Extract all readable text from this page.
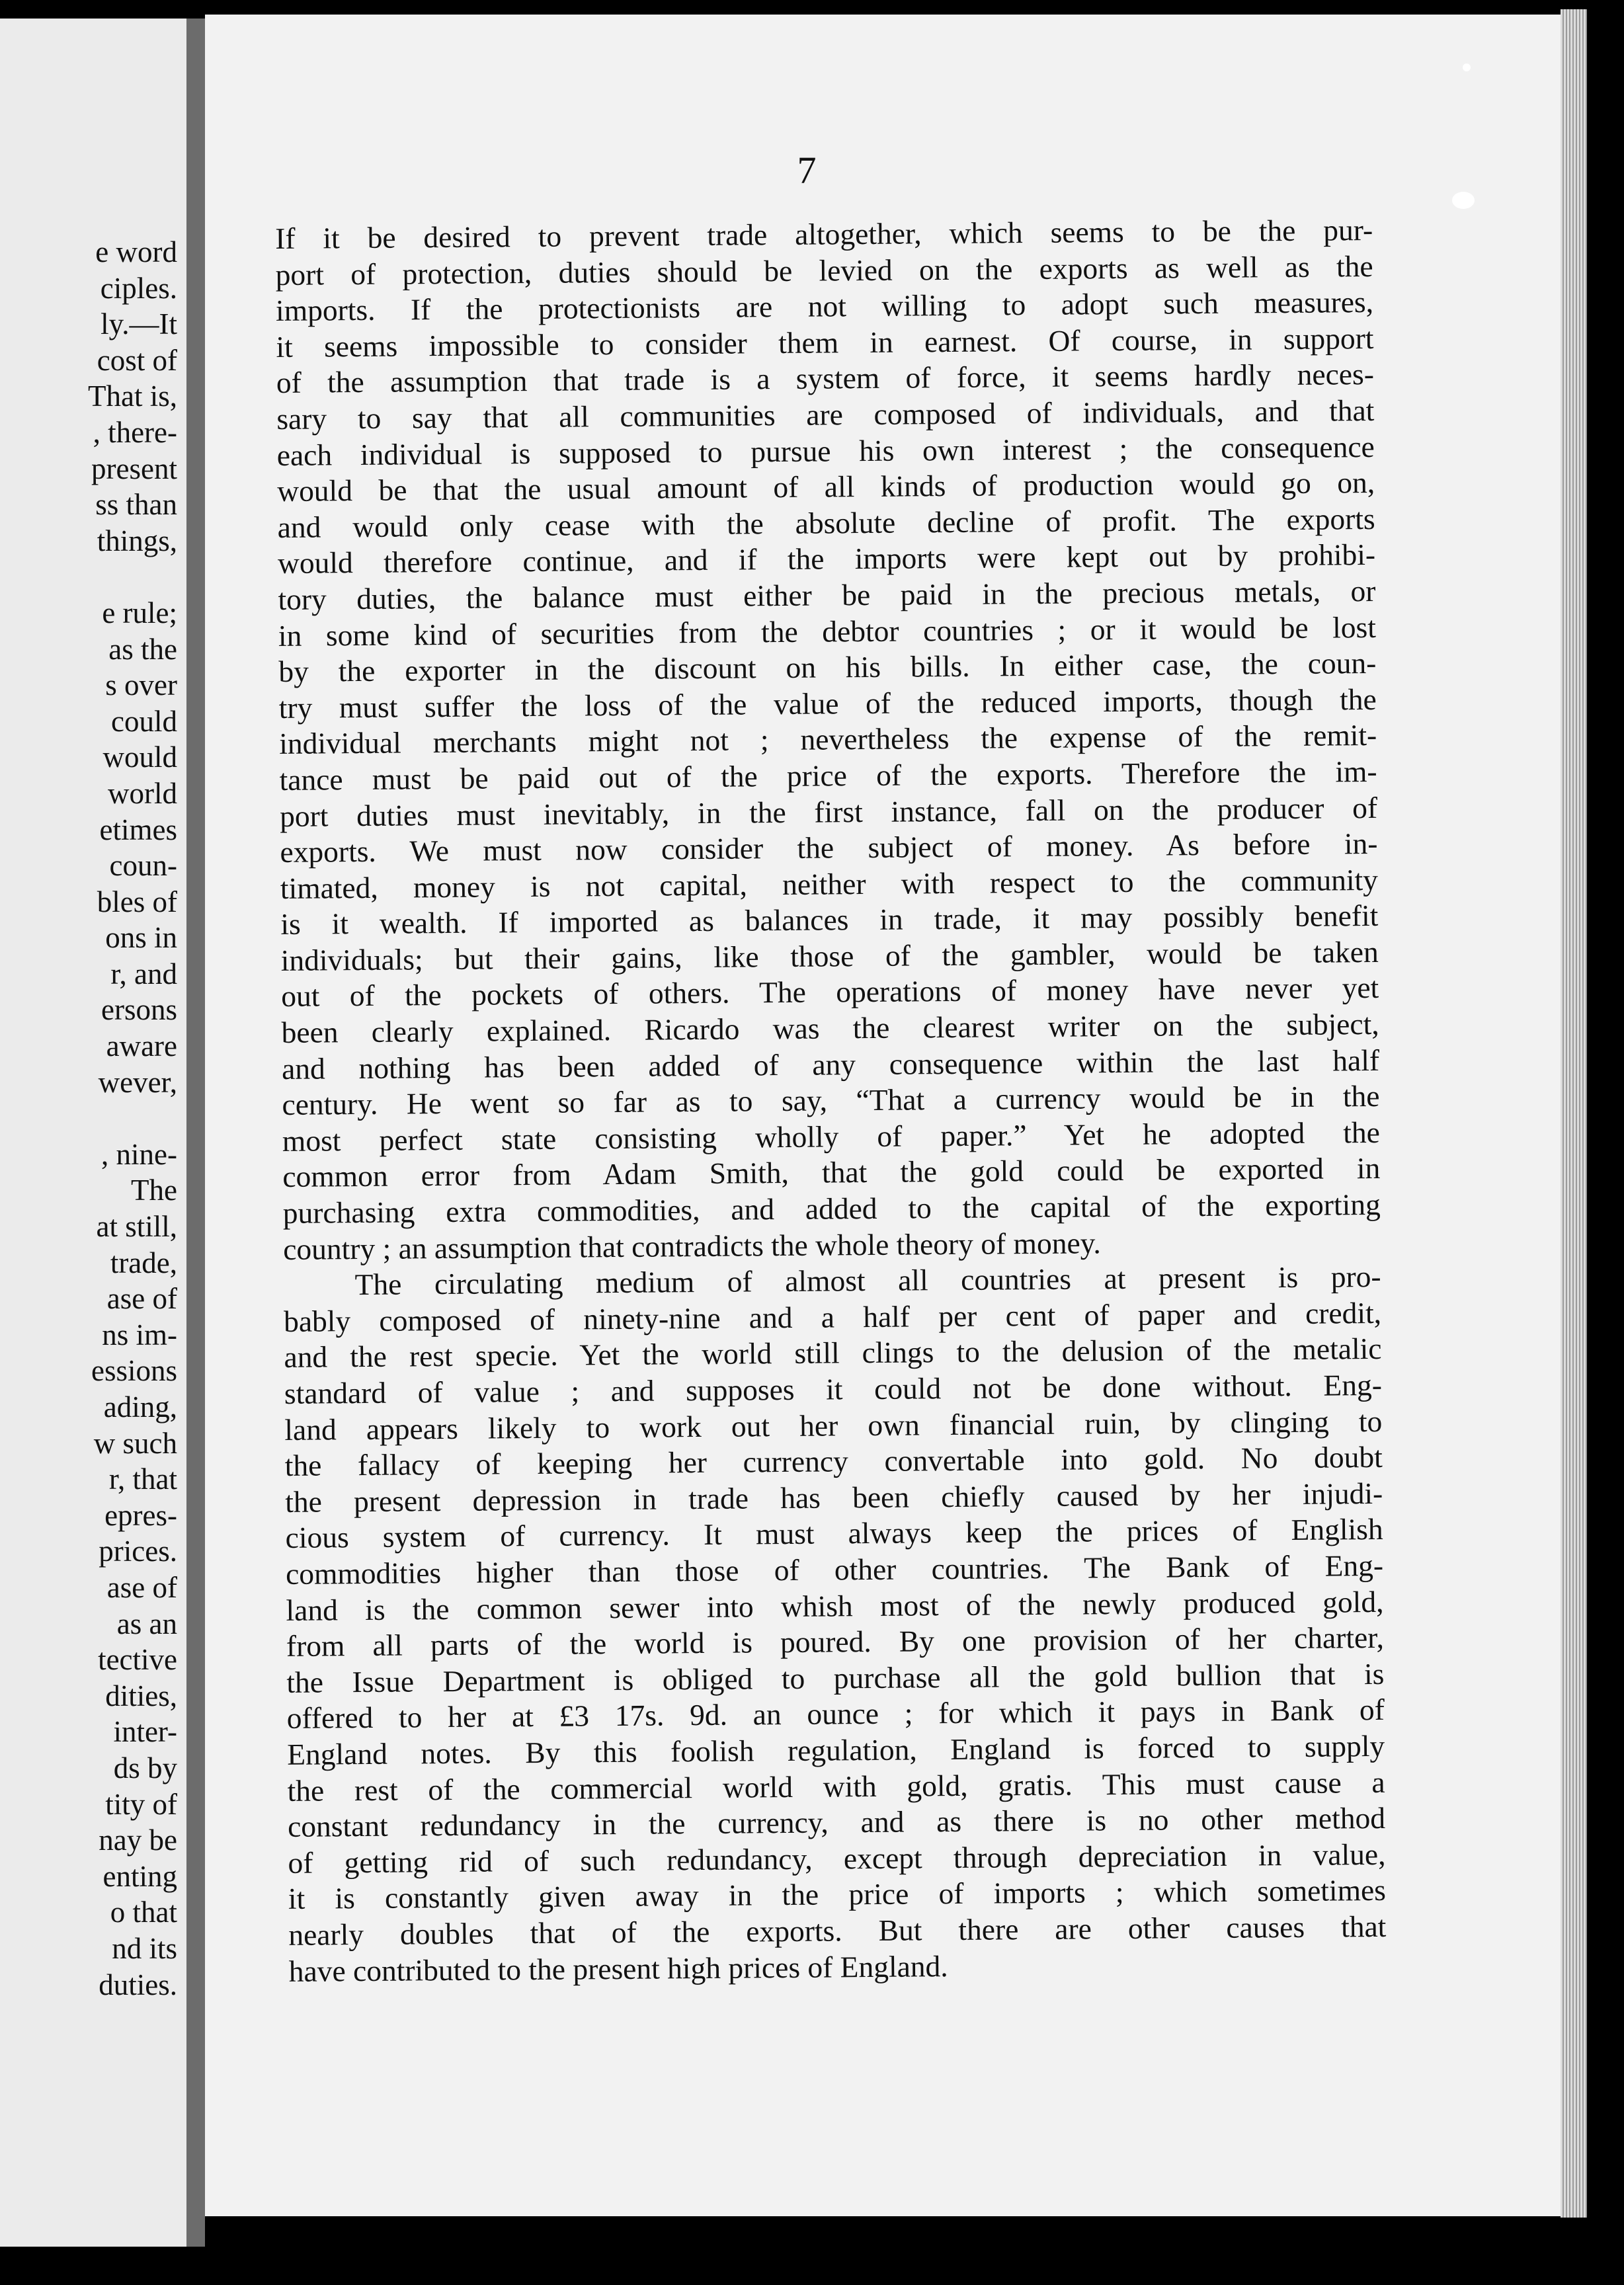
e word
ciples.
ly.—It
cost of
That is,
, there-
present
ss than
things,
e rule;
as the
s over
could
would
world
etimes
coun-
bles of
ons in
r, and
ersons
aware
wever,
, nine-
The
at still,
trade,
ase of
ns im-
essions
ading,
w such
r, that
epres-
prices.
ase of
as an
tective
dities,
inter-
ds by
tity of
nay be
enting
o that
nd its
duties.
7
If it be desired to prevent trade altogether, which seems to be the pur-
port of protection, duties should be levied on the exports as well as the
imports. If the protectionists are not willing to adopt such measures,
it seems impossible to consider them in earnest. Of course, in support
of the assumption that trade is a system of force, it seems hardly neces-
sary to say that all communities are composed of individuals, and that
each individual is supposed to pursue his own interest ; the consequence
would be that the usual amount of all kinds of production would go on,
and would only cease with the absolute decline of profit. The exports
would therefore continue, and if the imports were kept out by prohibi-
tory duties, the balance must either be paid in the precious metals, or
in some kind of securities from the debtor countries ; or it would be lost
by the exporter in the discount on his bills. In either case, the coun-
try must suffer the loss of the value of the reduced imports, though the
individual merchants might not ; nevertheless the expense of the remit-
tance must be paid out of the price of the exports. Therefore the im-
port duties must inevitably, in the first instance, fall on the producer of
exports. We must now consider the subject of money. As before in-
timated, money is not capital, neither with respect to the community
is it wealth. If imported as balances in trade, it may possibly benefit
individuals; but their gains, like those of the gambler, would be taken
out of the pockets of others. The operations of money have never yet
been clearly explained. Ricardo was the clearest writer on the subject,
and nothing has been added of any consequence within the last half
century. He went so far as to say, “That a currency would be in the
most perfect state consisting wholly of paper.” Yet he adopted the
common error from Adam Smith, that the gold could be exported in
purchasing extra commodities, and added to the capital of the exporting
country ; an assumption that contradicts the whole theory of money.
The circulating medium of almost all countries at present is pro-
bably composed of ninety-nine and a half per cent of paper and credit,
and the rest specie. Yet the world still clings to the delusion of the metalic
standard of value ; and supposes it could not be done without. Eng-
land appears likely to work out her own financial ruin, by clinging to
the fallacy of keeping her currency convertable into gold. No doubt
the present depression in trade has been chiefly caused by her injudi-
cious system of currency. It must always keep the prices of English
commodities higher than those of other countries. The Bank of Eng-
land is the common sewer into whish most of the newly produced gold,
from all parts of the world is poured. By one provision of her charter,
the Issue Department is obliged to purchase all the gold bullion that is
offered to her at £3 17s. 9d. an ounce ; for which it pays in Bank of
England notes. By this foolish regulation, England is forced to supply
the rest of the commercial world with gold, gratis. This must cause a
constant redundancy in the currency, and as there is no other method
of getting rid of such redundancy, except through depreciation in value,
it is constantly given away in the price of imports ; which sometimes
nearly doubles that of the exports. But there are other causes that
have contributed to the present high prices of England.
